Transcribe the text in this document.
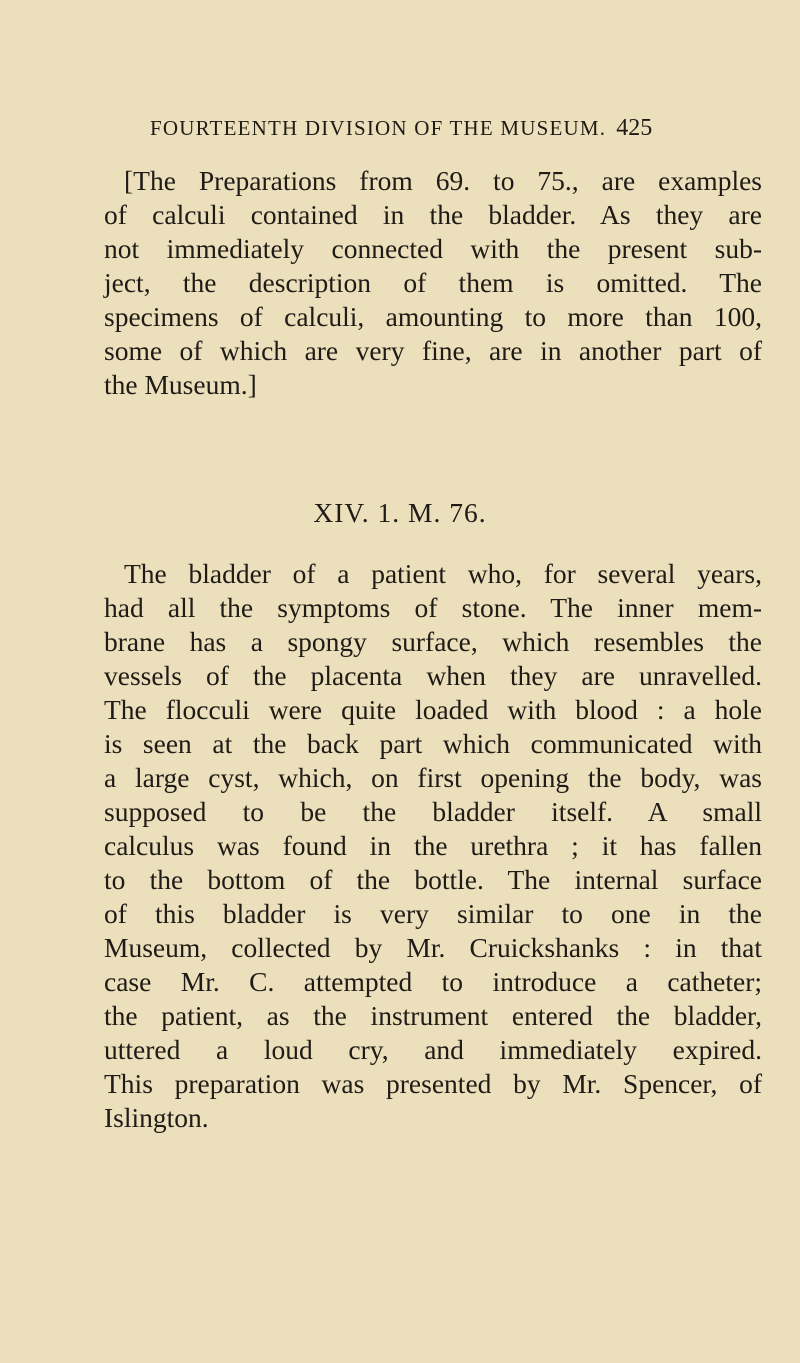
FOURTEENTH DIVISION OF THE MUSEUM. 425
[The Preparations from 69. to 75., are examples
of calculi contained in the bladder. As they are
not immediately connected with the present sub-
ject, the description of them is omitted. The
specimens of calculi, amounting to more than 100,
some of which are very fine, are in another part of
the Museum.]
XIV. 1. M. 76.
The bladder of a patient who, for several years,
had all the symptoms of stone. The inner mem-
brane has a spongy surface, which resembles the
vessels of the placenta when they are unravelled.
The flocculi were quite loaded with blood : a hole
is seen at the back part which communicated with
a large cyst, which, on first opening the body, was
supposed to be the bladder itself. A small
calculus was found in the urethra ; it has fallen
to the bottom of the bottle. The internal surface
of this bladder is very similar to one in the
Museum, collected by Mr. Cruickshanks : in that
case Mr. C. attempted to introduce a catheter;
the patient, as the instrument entered the bladder,
uttered a loud cry, and immediately expired.
This preparation was presented by Mr. Spencer, of
Islington.
